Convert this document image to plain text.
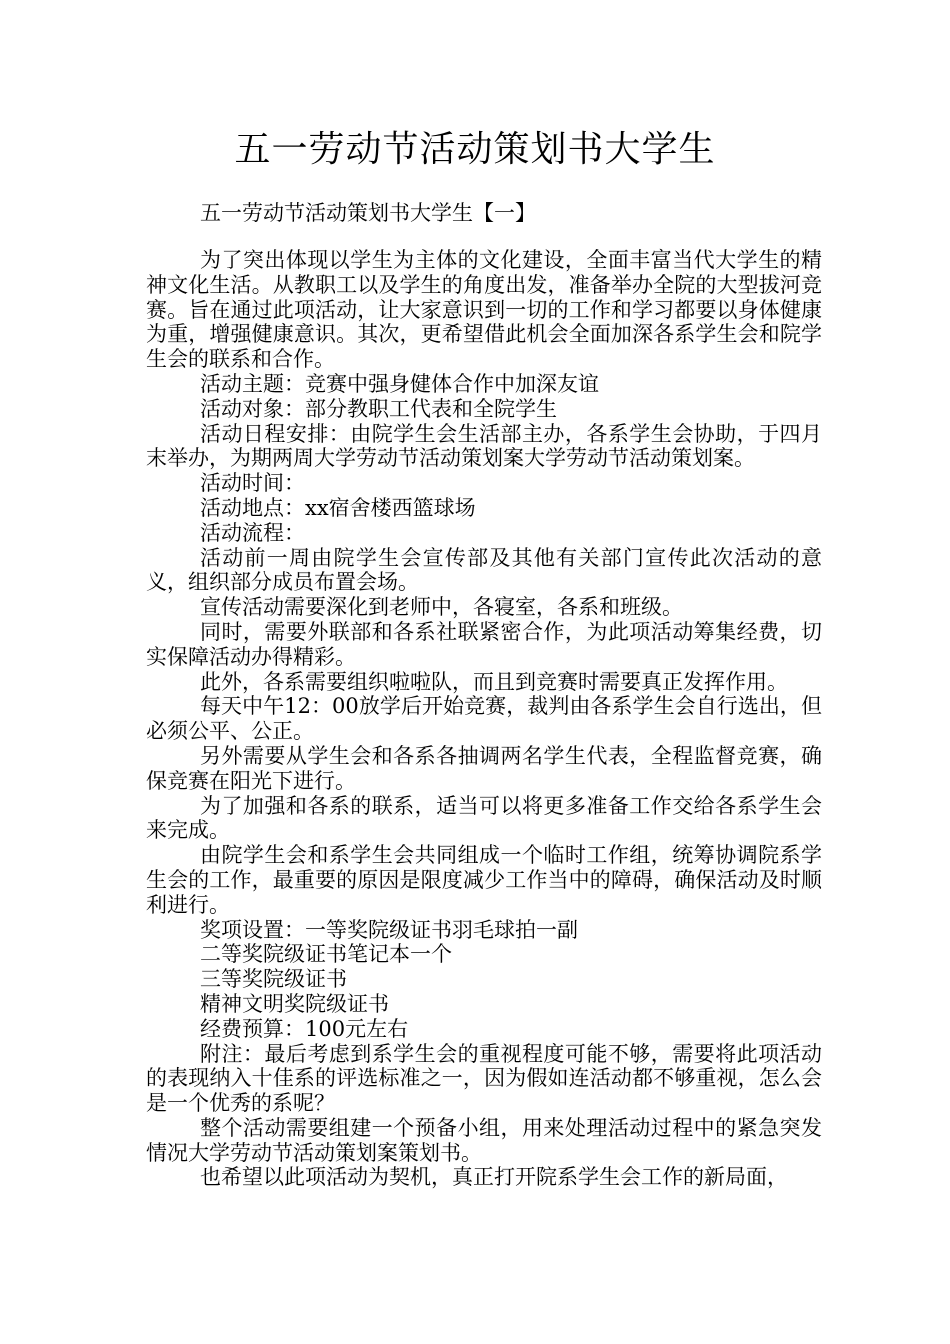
五一劳动节活动策划书大学生
五一劳动节活动策划书大学生【一】

为了突出体现以学生为主体的文化建设，全面丰富当代大学生的精神文化生活。从教职工以及学生的角度出发，准备举办全院的大型拔河竞赛。旨在通过此项活动，让大家意识到一切的工作和学习都要以身体健康为重，增强健康意识。其次，更希望借此机会全面加深各系学生会和院学生会的联系和合作。

活动主题：竞赛中强身健体合作中加深友谊

活动对象：部分教职工代表和全院学生

活动日程安排：由院学生会生活部主办，各系学生会协助，于四月末举办，为期两周大学劳动节活动策划案大学劳动节活动策划案。

活动时间：

活动地点：xx宿舍楼西篮球场

活动流程：

活动前一周由院学生会宣传部及其他有关部门宣传此次活动的意义，组织部分成员布置会场。

宣传活动需要深化到老师中，各寝室，各系和班级。

同时，需要外联部和各系社联紧密合作，为此项活动筹集经费，切实保障活动办得精彩。

此外，各系需要组织啦啦队，而且到竞赛时需要真正发挥作用。

每天中午12：00放学后开始竞赛，裁判由各系学生会自行选出，但必须公平、公正。

另外需要从学生会和各系各抽调两名学生代表，全程监督竞赛，确保竞赛在阳光下进行。

为了加强和各系的联系，适当可以将更多准备工作交给各系学生会来完成。

由院学生会和系学生会共同组成一个临时工作组，统筹协调院系学生会的工作，最重要的原因是限度减少工作当中的障碍，确保活动及时顺利进行。

奖项设置：一等奖院级证书羽毛球拍一副

二等奖院级证书笔记本一个

三等奖院级证书

精神文明奖院级证书

经费预算：100元左右

附注：最后考虑到系学生会的重视程度可能不够，需要将此项活动的表现纳入十佳系的评选标准之一，因为假如连活动都不够重视，怎么会是一个优秀的系呢？

整个活动需要组建一个预备小组，用来处理活动过程中的紧急突发情况大学劳动节活动策划案策划书。

也希望以此项活动为契机，真正打开院系学生会工作的新局面，
